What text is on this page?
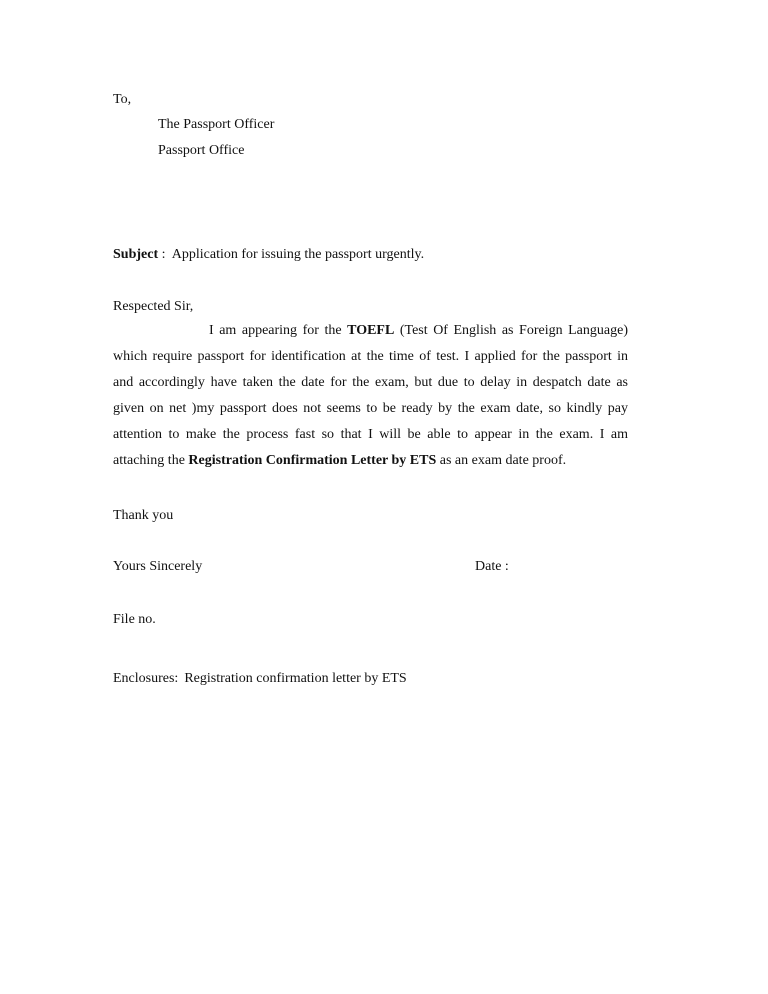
To,
The Passport Officer
Passport Office
Subject :  Application for issuing the passport urgently.
Respected Sir,
I am appearing for the TOEFL (Test Of English as Foreign Language)
which require passport for identification at the time of test. I applied for the passport in
and accordingly have taken the date for the exam, but due to delay in despatch date as
given on net )my passport does not seems to be ready by the exam date, so kindly pay
attention to make the process fast so that I will be able to appear in the exam. I am
attaching the Registration Confirmation Letter by ETS as an exam date proof.
Thank you
Yours Sincerely	Date :
File no.
Enclosures: Registration confirmation letter by ETS
